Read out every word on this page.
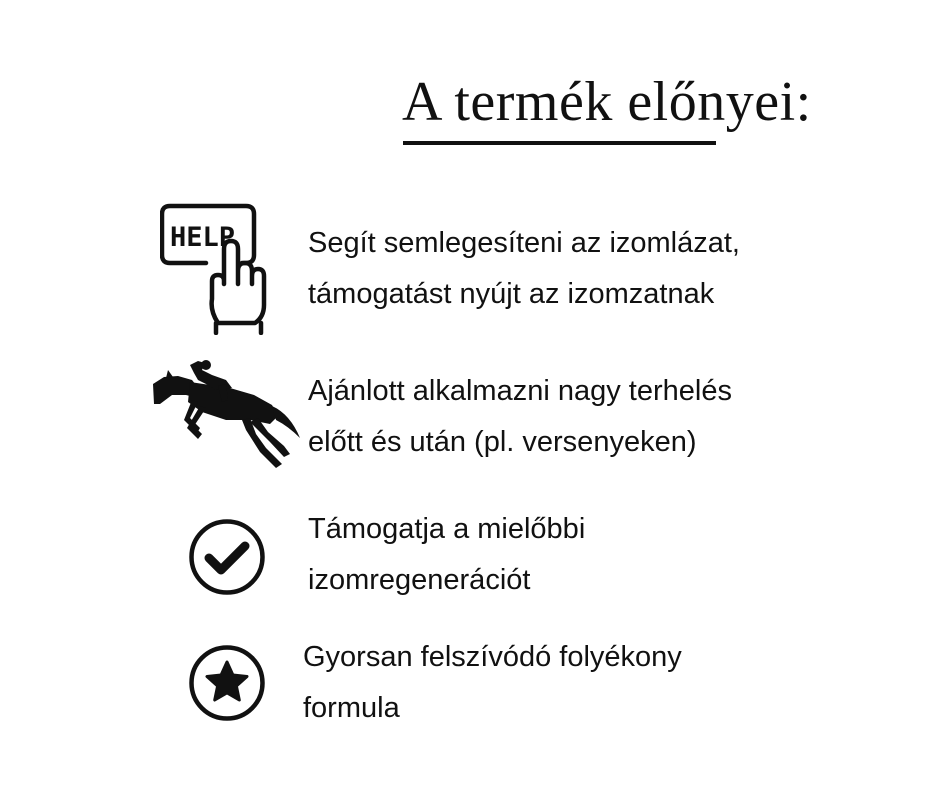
A termék előnyei:
HELP	Segít semlegesíteni az izomlázat,
támogatást nyújt az izomzatnak

Ajánlott alkalmazni nagy terhelés
előtt és után (pl. versenyeken)

Támogatja a mielőbbi
izomregenerációt

Gyorsan felszívódó folyékony
formula
